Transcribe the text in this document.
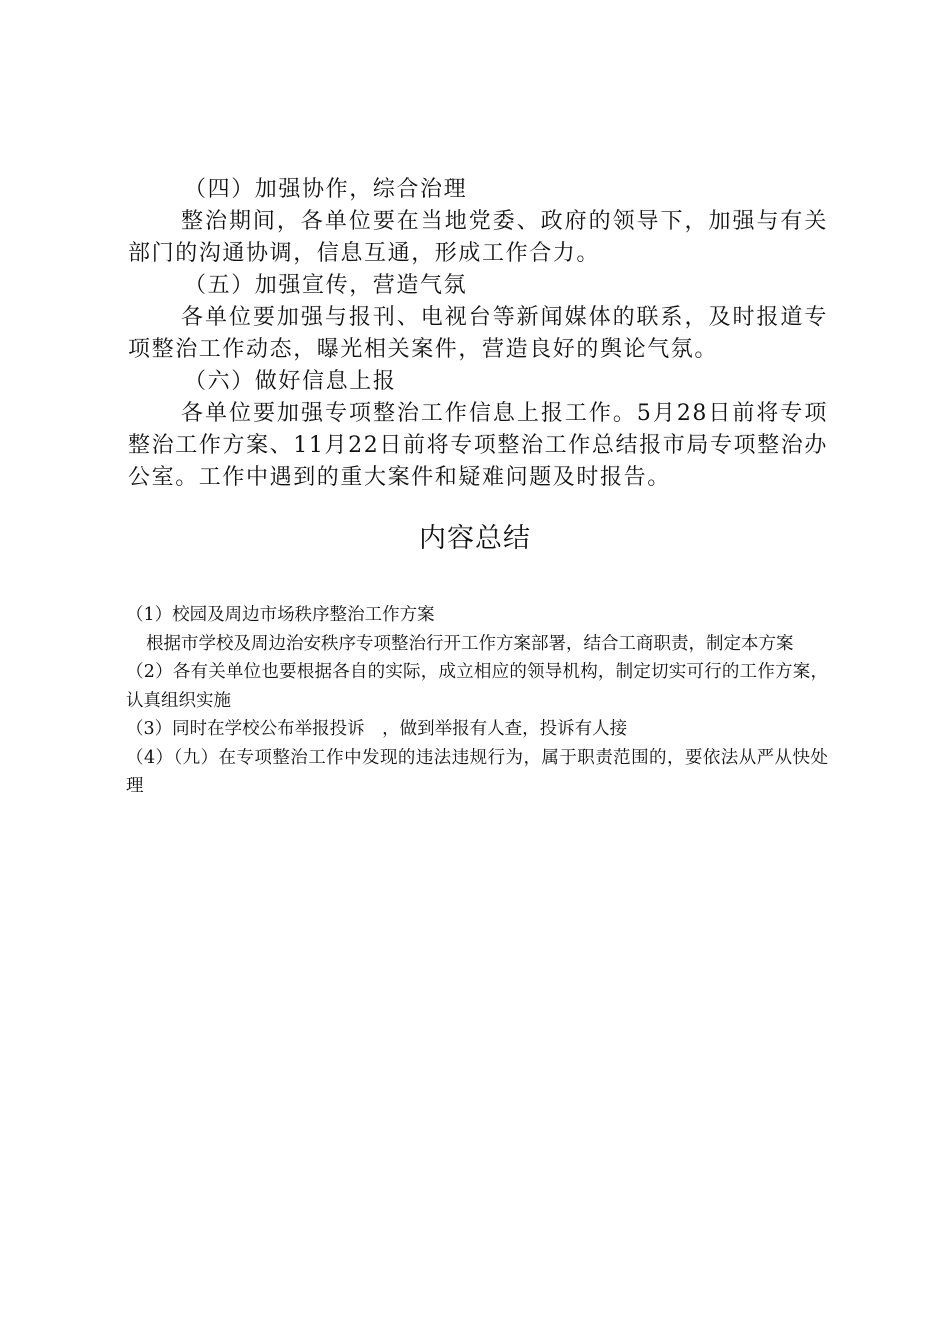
（四）加强协作，综合治理

整治期间，各单位要在当地党委、政府的领导下，加强与有关部门的沟通协调，信息互通，形成工作合力。

（五）加强宣传，营造气氛

各单位要加强与报刊、电视台等新闻媒体的联系，及时报道专项整治工作动态，曝光相关案件，营造良好的舆论气氛。

（六）做好信息上报

各单位要加强专项整治工作信息上报工作。5月28日前将专项整治工作方案、11月22日前将专项整治工作总结报市局专项整治办公室。工作中遇到的重大案件和疑难问题及时报告。

内容总结

（1）校园及周边市场秩序整治工作方案

根据市学校及周边治安秩序专项整治行开工作方案部署，结合工商职责，制定本方案

（2）各有关单位也要根据各自的实际，成立相应的领导机构，制定切实可行的工作方案，认真组织实施

（3）同时在学校公布举报投诉　，做到举报有人查，投诉有人接

（4）（九）在专项整治工作中发现的违法违规行为，属于职责范围的，要依法从严从快处理
